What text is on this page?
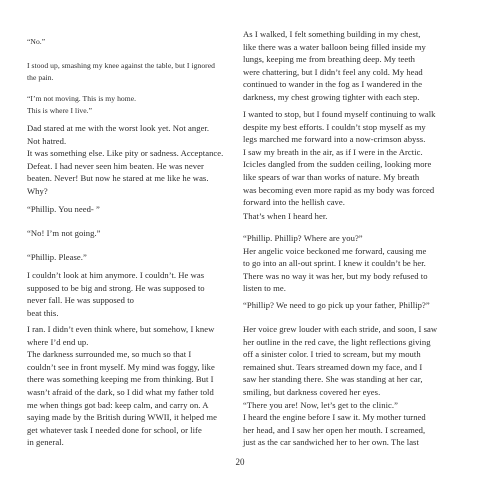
“No.”

I stood up, smashing my knee against the table, but I ignored
the pain.

“I’m not moving. This is my home.
This is where I live.”

Dad stared at me with the worst look yet. Not anger.
Not hatred.
It was something else. Like pity or sadness. Acceptance.
Defeat. I had never seen him beaten. He was never
beaten. Never! But now he stared at me like he was.
Why?

“Phillip. You need- ”

“No! I’m not going.”

“Phillip. Please.”

I couldn’t look at him anymore. I couldn’t. He was
supposed to be big and strong. He was supposed to
never fall. He was supposed to
beat this.

I ran. I didn’t even think where, but somehow, I knew
where I’d end up.
The darkness surrounded me, so much so that I
couldn’t see in front myself. My mind was foggy, like
there was something keeping me from thinking. But I
wasn’t afraid of the dark, so I did what my father told
me when things got bad: keep calm, and carry on. A
saying made by the British during WWII, it helped me
get whatever task I needed done for school, or life
in general.

As I walked, I felt something building in my chest,
like there was a water balloon being filled inside my
lungs, keeping me from breathing deep. My teeth
were chattering, but I didn’t feel any cold. My head
continued to wander in the fog as I wandered in the
darkness, my chest growing tighter with each step.

I wanted to stop, but I found myself continuing to walk
despite my best efforts. I couldn’t stop myself as my
legs marched me forward into a now-crimson abyss.
I saw my breath in the air, as if I were in the Arctic.
Icicles dangled from the sudden ceiling, looking more
like spears of war than works of nature. My breath
was becoming even more rapid as my body was forced
forward into the hellish cave.

That’s when I heard her.

“Phillip. Phillip? Where are you?”
Her angelic voice beckoned me forward, causing me
to go into an all-out sprint. I knew it couldn’t be her.
There was no way it was her, but my body refused to
listen to me.

“Phillip? We need to go pick up your father, Phillip?”

Her voice grew louder with each stride, and soon, I saw
her outline in the red cave, the light reflections giving
off a sinister color. I tried to scream, but my mouth
remained shut. Tears streamed down my face, and I
saw her standing there. She was standing at her car,
smiling, but darkness covered her eyes.
“There you are! Now, let’s get to the clinic.”
I heard the engine before I saw it. My mother turned
her head, and I saw her open her mouth. I screamed,
just as the car sandwiched her to her own. The last

20
